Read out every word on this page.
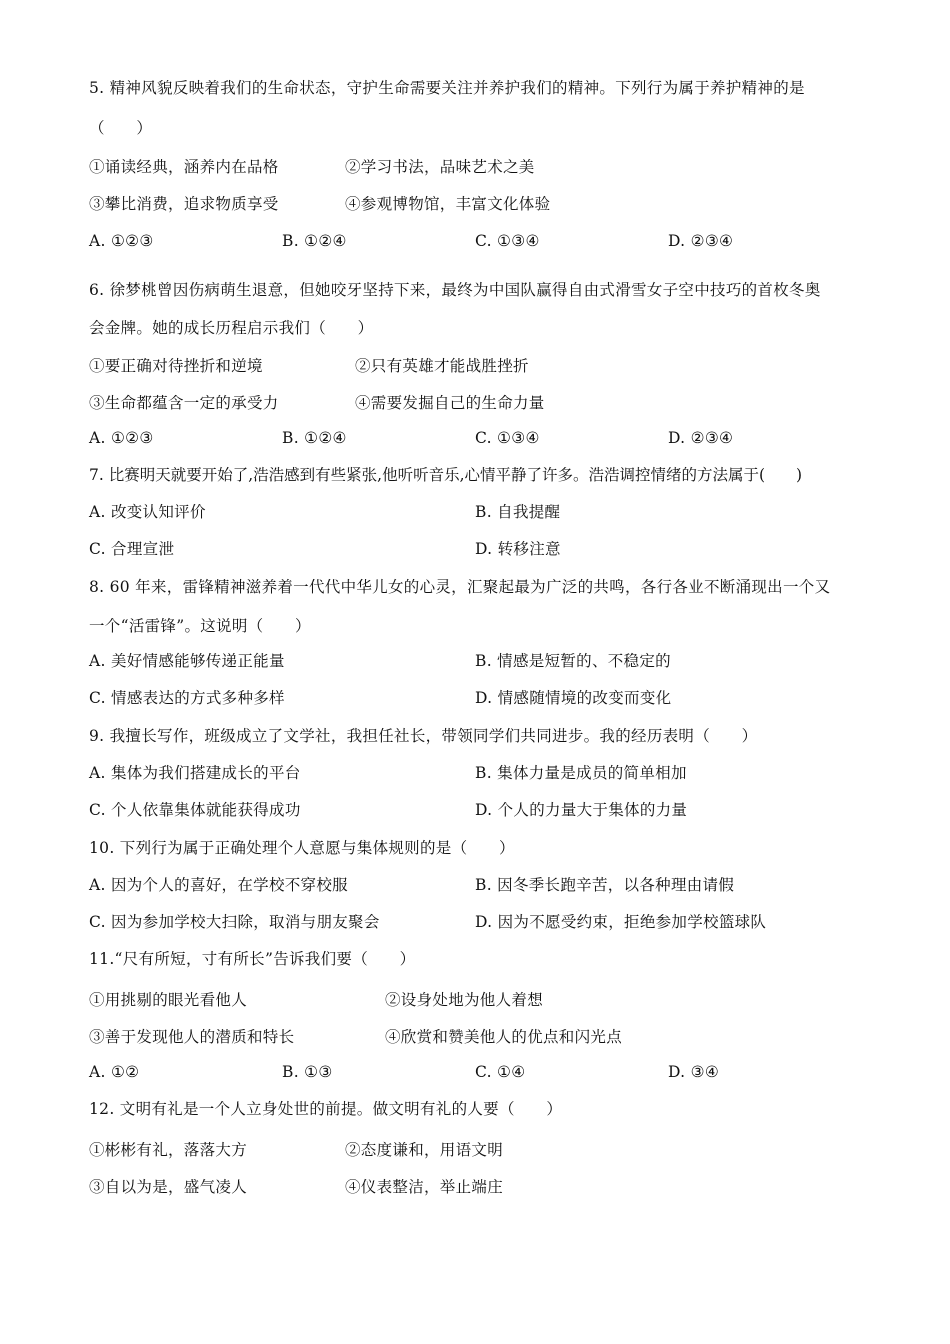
5. 精神风貌反映着我们的生命状态，守护生命需要关注并养护我们的精神。下列行为属于养护精神的是
（　　）
①诵读经典，涵养内在品格	②学习书法，品味艺术之美
③攀比消费，追求物质享受	④参观博物馆，丰富文化体验
A. ①②③	B. ①②④	C. ①③④	D. ②③④
6. 徐梦桃曾因伤病萌生退意，但她咬牙坚持下来，最终为中国队赢得自由式滑雪女子空中技巧的首枚冬奥
会金牌。她的成长历程启示我们（　　）
①要正确对待挫折和逆境	②只有英雄才能战胜挫折
③生命都蕴含一定的承受力	④需要发掘自己的生命力量
A. ①②③	B. ①②④	C. ①③④	D. ②③④
7. 比赛明天就要开始了,浩浩感到有些紧张,他听听音乐,心情平静了许多。浩浩调控情绪的方法属于(　　)
A. 改变认知评价	B. 自我提醒
C. 合理宣泄	D. 转移注意
8. 60 年来，雷锋精神滋养着一代代中华儿女的心灵，汇聚起最为广泛的共鸣，各行各业不断涌现出一个又
一个“活雷锋”。这说明（　　）
A. 美好情感能够传递正能量	B. 情感是短暂的、不稳定的
C. 情感表达的方式多种多样	D. 情感随情境的改变而变化
9. 我擅长写作，班级成立了文学社，我担任社长，带领同学们共同进步。我的经历表明（　　）
A. 集体为我们搭建成长的平台	B. 集体力量是成员的简单相加
C. 个人依靠集体就能获得成功	D. 个人的力量大于集体的力量
10. 下列行为属于正确处理个人意愿与集体规则的是（　　）
A. 因为个人的喜好，在学校不穿校服	B. 因冬季长跑辛苦，以各种理由请假
C. 因为参加学校大扫除，取消与朋友聚会	D. 因为不愿受约束，拒绝参加学校篮球队
11.“尺有所短，寸有所长”告诉我们要（　　）
①用挑剔的眼光看他人	②设身处地为他人着想
③善于发现他人的潜质和特长	④欣赏和赞美他人的优点和闪光点
A. ①②	B. ①③	C. ①④	D. ③④
12. 文明有礼是一个人立身处世的前提。做文明有礼的人要（　　）
①彬彬有礼，落落大方	②态度谦和，用语文明
③自以为是，盛气凌人	④仪表整洁，举止端庄
